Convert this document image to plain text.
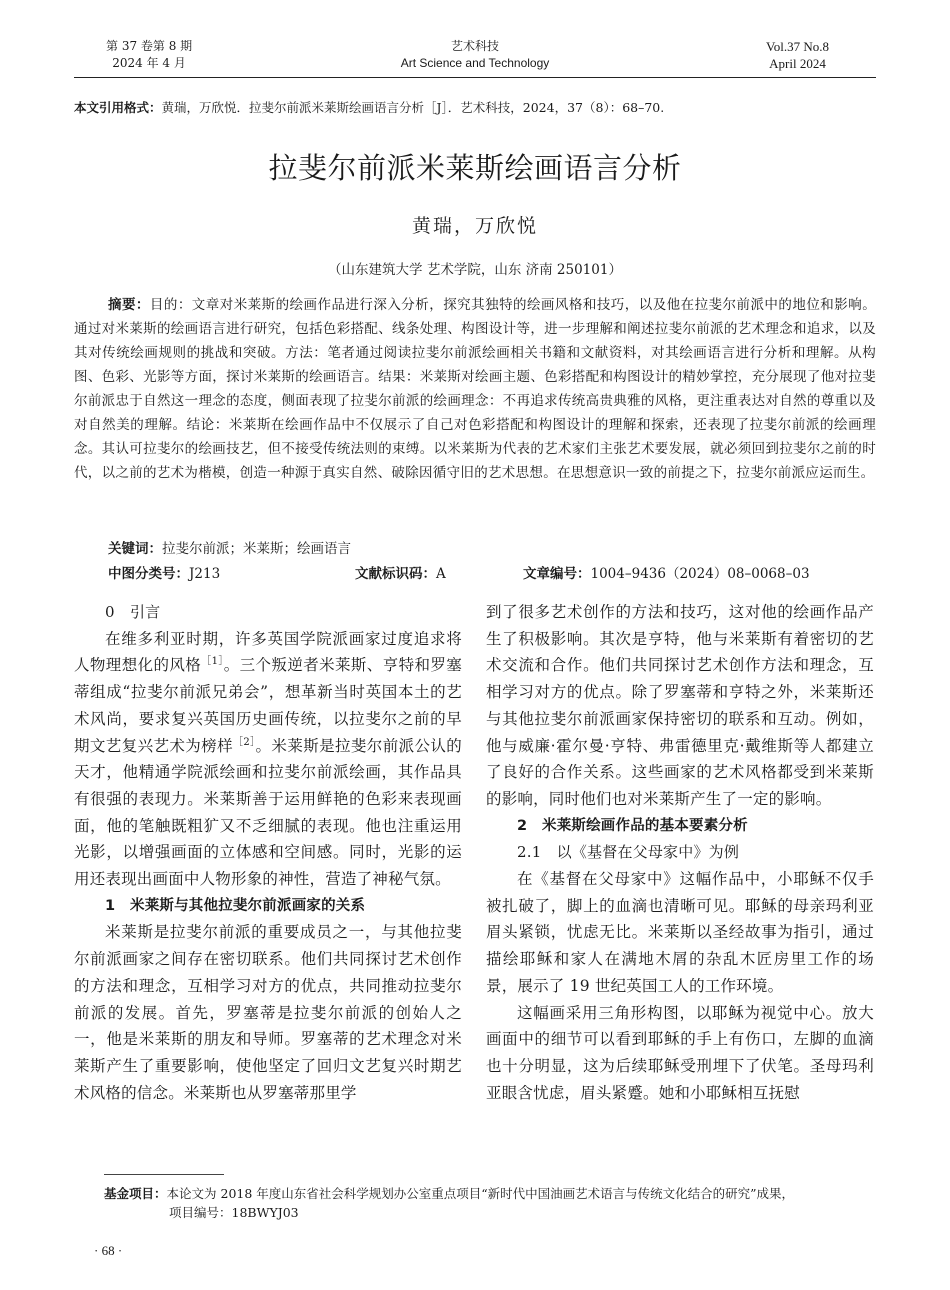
第 37 卷第 8 期
2024 年 4 月
艺术科技
Art Science and Technology
Vol.37 No.8
April 2024
本文引用格式：黄瑞，万欣悦．拉斐尔前派米莱斯绘画语言分析［J］．艺术科技，2024，37（8）：68–70.
拉斐尔前派米莱斯绘画语言分析
黄瑞，万欣悦
（山东建筑大学 艺术学院，山东 济南 250101）
摘要：目的：文章对米莱斯的绘画作品进行深入分析，探究其独特的绘画风格和技巧，以及他在拉斐尔前派中的地位和影响。通过对米莱斯的绘画语言进行研究，包括色彩搭配、线条处理、构图设计等，进一步理解和阐述拉斐尔前派的艺术理念和追求，以及其对传统绘画规则的挑战和突破。方法：笔者通过阅读拉斐尔前派绘画相关书籍和文献资料，对其绘画语言进行分析和理解。从构图、色彩、光影等方面，探讨米莱斯的绘画语言。结果：米莱斯对绘画主题、色彩搭配和构图设计的精妙掌控，充分展现了他对拉斐尔前派忠于自然这一理念的态度，侧面表现了拉斐尔前派的绘画理念：不再追求传统高贵典雅的风格，更注重表达对自然的尊重以及对自然美的理解。结论：米莱斯在绘画作品中不仅展示了自己对色彩搭配和构图设计的理解和探索，还表现了拉斐尔前派的绘画理念。其认可拉斐尔的绘画技艺，但不接受传统法则的束缚。以米莱斯为代表的艺术家们主张艺术要发展，就必须回到拉斐尔之前的时代，以之前的艺术为楷模，创造一种源于真实自然、破除因循守旧的艺术思想。在思想意识一致的前提之下，拉斐尔前派应运而生。
关键词：拉斐尔前派；米莱斯；绘画语言
中图分类号：J213	文献标识码：A	文章编号：1004–9436（2024）08–0068–03
0　引言

在维多利亚时期，许多英国学院派画家过度追求将人物理想化的风格$^{[1]}$。三个叛逆者米莱斯、亨特和罗塞蒂组成“拉斐尔前派兄弟会”，想革新当时英国本土的艺术风尚，要求复兴英国历史画传统，以拉斐尔之前的早期文艺复兴艺术为榜样$^{[2]}$。米莱斯是拉斐尔前派公认的天才，他精通学院派绘画和拉斐尔前派绘画，其作品具有很强的表现力。米莱斯善于运用鲜艳的色彩来表现画面，他的笔触既粗犷又不乏细腻的表现。他也注重运用光影，以增强画面的立体感和空间感。同时，光影的运用还表现出画面中人物形象的神性，营造了神秘气氛。

1　米莱斯与其他拉斐尔前派画家的关系

米莱斯是拉斐尔前派的重要成员之一，与其他拉斐尔前派画家之间存在密切联系。他们共同探讨艺术创作的方法和理念，互相学习对方的优点，共同推动拉斐尔前派的发展。首先，罗塞蒂是拉斐尔前派的创始人之一，他是米莱斯的朋友和导师。罗塞蒂的艺术理念对米莱斯产生了重要影响，使他坚定了回归文艺复兴时期艺术风格的信念。米莱斯也从罗塞蒂那里学

到了很多艺术创作的方法和技巧，这对他的绘画作品产生了积极影响。其次是亨特，他与米莱斯有着密切的艺术交流和合作。他们共同探讨艺术创作方法和理念，互相学习对方的优点。除了罗塞蒂和亨特之外，米莱斯还与其他拉斐尔前派画家保持密切的联系和互动。例如，他与威廉·霍尔曼·亨特、弗雷德里克·戴维斯等人都建立了良好的合作关系。这些画家的艺术风格都受到米莱斯的影响，同时他们也对米莱斯产生了一定的影响。

2　米莱斯绘画作品的基本要素分析
2.1　以《基督在父母家中》为例

在《基督在父母家中》这幅作品中，小耶稣不仅手被扎破了，脚上的血滴也清晰可见。耶稣的母亲玛利亚眉头紧锁，忧虑无比。米莱斯以圣经故事为指引，通过描绘耶稣和家人在满地木屑的杂乱木匠房里工作的场景，展示了 19 世纪英国工人的工作环境。

这幅画采用三角形构图，以耶稣为视觉中心。放大画面中的细节可以看到耶稣的手上有伤口，左脚的血滴也十分明显，这为后续耶稣受刑埋下了伏笔。圣母玛利亚眼含忧虑，眉头紧蹙。她和小耶稣相互抚慰

基金项目：本论文为 2018 年度山东省社会科学规划办公室重点项目“新时代中国油画艺术语言与传统文化结合的研究”成果，
项目编号：18BWYJ03
· 68 ·
